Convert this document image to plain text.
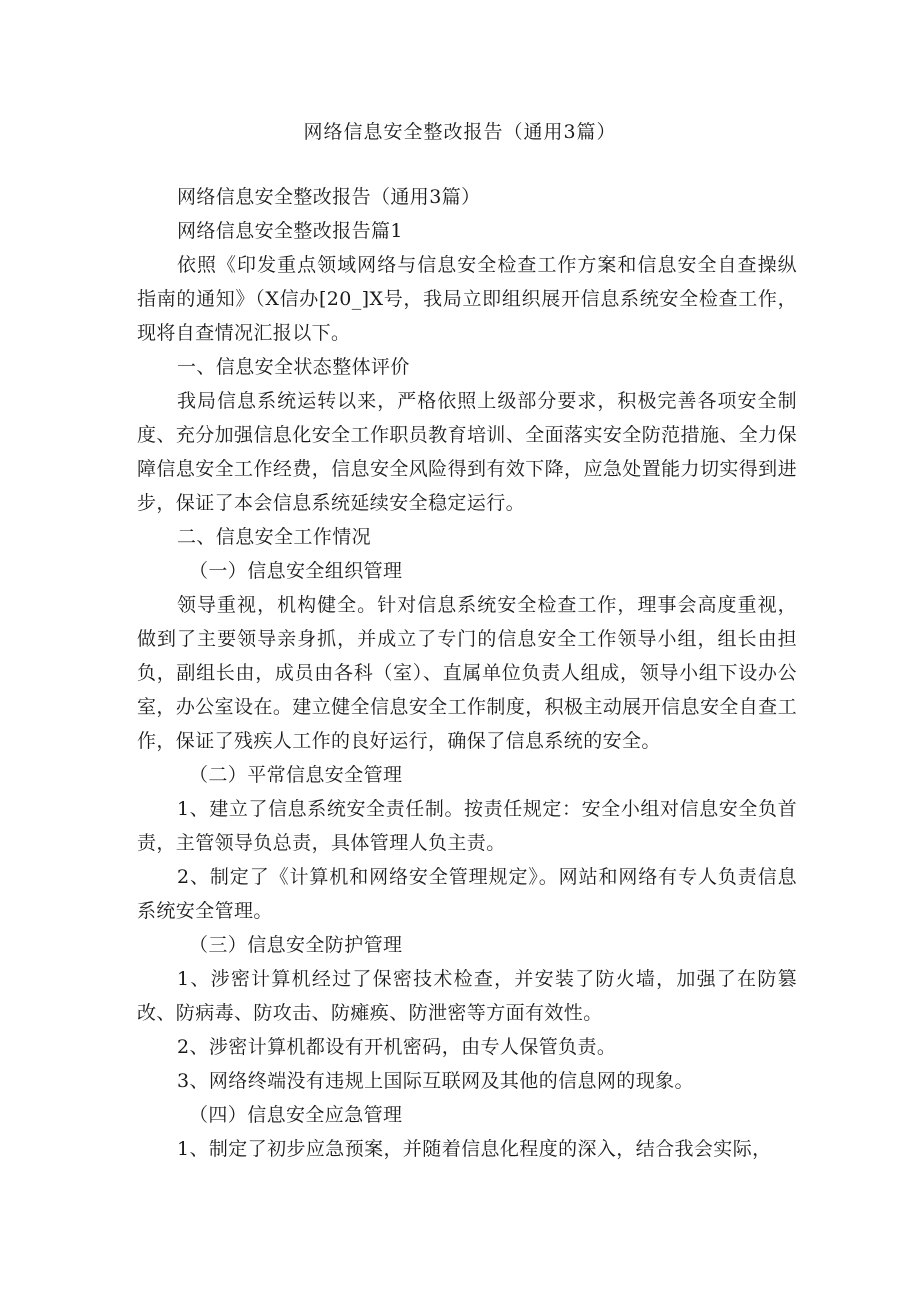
网络信息安全整改报告（通用3篇）

网络信息安全整改报告（通用3篇）

网络信息安全整改报告篇1

依照《印发重点领域网络与信息安全检查工作方案和信息安全自查操纵指南的通知》（X信办[20_]X号，我局立即组织展开信息系统安全检查工作，现将自查情况汇报以下。

一、信息安全状态整体评价

我局信息系统运转以来，严格依照上级部分要求，积极完善各项安全制度、充分加强信息化安全工作职员教育培训、全面落实安全防范措施、全力保障信息安全工作经费，信息安全风险得到有效下降，应急处置能力切实得到进步，保证了本会信息系统延续安全稳定运行。

二、信息安全工作情况

（一）信息安全组织管理

领导重视，机构健全。针对信息系统安全检查工作，理事会高度重视，做到了主要领导亲身抓，并成立了专门的信息安全工作领导小组，组长由担负，副组长由，成员由各科（室）、直属单位负责人组成，领导小组下设办公室，办公室设在。建立健全信息安全工作制度，积极主动展开信息安全自查工作，保证了残疾人工作的良好运行，确保了信息系统的安全。

（二）平常信息安全管理

1、建立了信息系统安全责任制。按责任规定：安全小组对信息安全负首责，主管领导负总责，具体管理人负主责。

2、制定了《计算机和网络安全管理规定》。网站和网络有专人负责信息系统安全管理。

（三）信息安全防护管理

1、涉密计算机经过了保密技术检查，并安装了防火墙，加强了在防篡改、防病毒、防攻击、防瘫痪、防泄密等方面有效性。

2、涉密计算机都设有开机密码，由专人保管负责。

3、网络终端没有违规上国际互联网及其他的信息网的现象。

（四）信息安全应急管理

1、制定了初步应急预案，并随着信息化程度的深入，结合我会实际，
